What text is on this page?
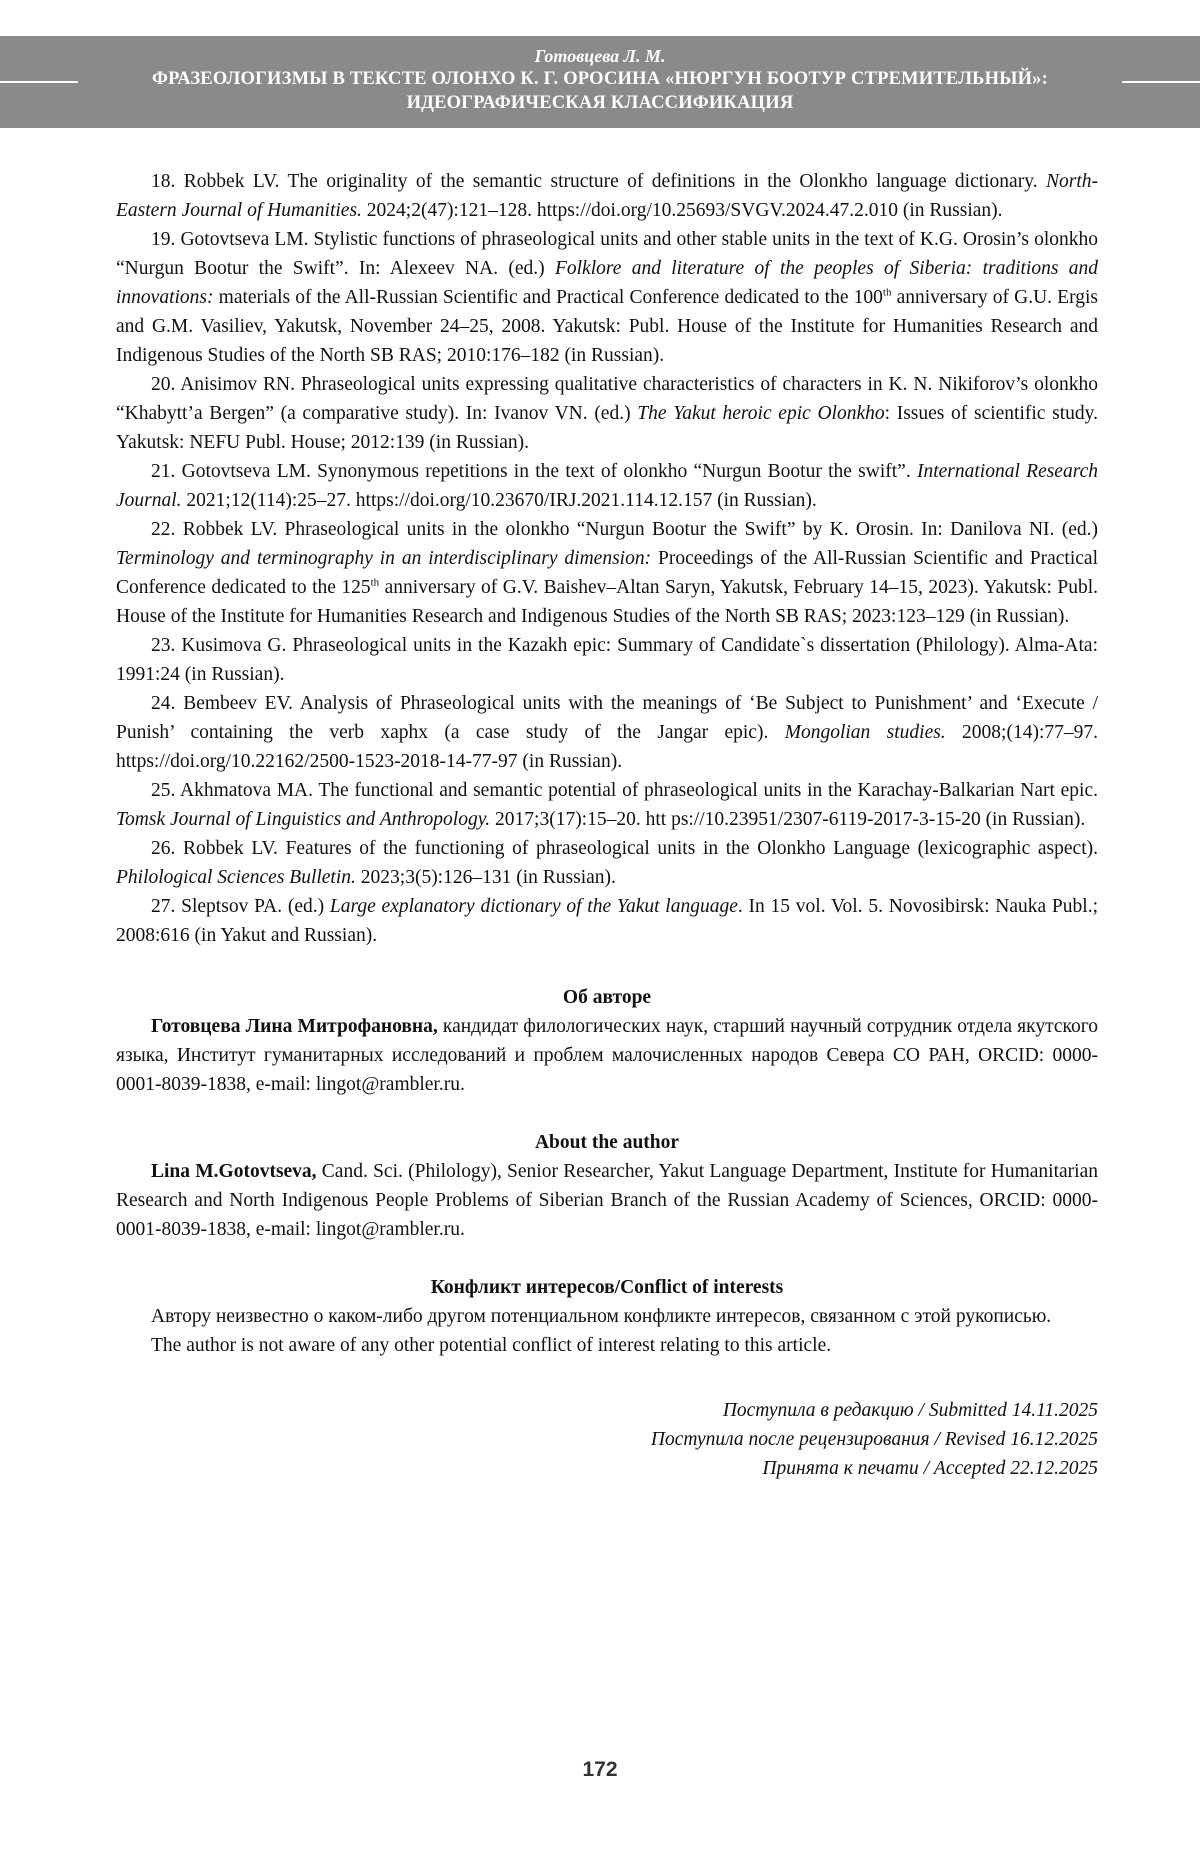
Готовцева Л. М.
ФРАЗЕОЛОГИЗМЫ В ТЕКСТЕ ОЛОНХО К. Г. ОРОСИНА «НЮРГУН БООТУР СТРЕМИТЕЛЬНЫЙ»:
ИДЕОГРАФИЧЕСКАЯ КЛАССИФИКАЦИЯ

18. Robbek LV. The originality of the semantic structure of definitions in the Olonkho language dictionary. North-Eastern Journal of Humanities. 2024;2(47):121–128. https://doi.org/10.25693/SVGV.2024.47.2.010 (in Russian).

19. Gotovtseva LM. Stylistic functions of phraseological units and other stable units in the text of K.G. Orosin’s olonkho “Nurgun Bootur the Swift”. In: Alexeev NA. (ed.) Folklore and literature of the peoples of Siberia: traditions and innovations: materials of the All-Russian Scientific and Practical Conference dedicated to the 100th anniversary of G.U. Ergis and G.M. Vasiliev, Yakutsk, November 24–25, 2008. Yakutsk: Publ. House of the Institute for Humanities Research and Indigenous Studies of the North SB RAS; 2010:176–182 (in Russian).

20. Anisimov RN. Phraseological units expressing qualitative characteristics of characters in K. N. Nikiforov’s olonkho “Khabytt’a Bergen” (a comparative study). In: Ivanov VN. (ed.) The Yakut heroic epic Olonkho: Issues of scientific study. Yakutsk: NEFU Publ. House; 2012:139 (in Russian).

21. Gotovtseva LM. Synonymous repetitions in the text of olonkho “Nurgun Bootur the swift”. International Research Journal. 2021;12(114):25–27. https://doi.org/10.23670/IRJ.2021.114.12.157 (in Russian).

22. Robbek LV. Phraseological units in the olonkho “Nurgun Bootur the Swift” by K. Orosin. In: Danilova NI. (ed.) Terminology and terminography in an interdisciplinary dimension: Proceedings of the All-Russian Scientific and Practical Conference dedicated to the 125th anniversary of G.V. Baishev–Altan Saryn, Yakutsk, February 14–15, 2023). Yakutsk: Publ. House of the Institute for Humanities Research and Indigenous Studies of the North SB RAS; 2023:123–129 (in Russian).

23. Kusimova G. Phraseological units in the Kazakh epic: Summary of Candidate`s dissertation (Philology). Alma-Ata: 1991:24 (in Russian).

24. Bembeev EV. Analysis of Phraseological units with the meanings of ‘Be Subject to Punishment’ and ‘Execute / Punish’ containing the verb xaphx (a case study of the Jangar epic). Mongolian studies. 2008;(14):77–97. https://doi.org/10.22162/2500-1523-2018-14-77-97 (in Russian).

25. Akhmatova MA. The functional and semantic potential of phraseological units in the Karachay-Balkarian Nart epic. Tomsk Journal of Linguistics and Anthropology. 2017;3(17):15–20. htt ps://10.23951/2307-6119-2017-3-15-20 (in Russian).

26. Robbek LV. Features of the functioning of phraseological units in the Olonkho Language (lexicographic aspect). Philological Sciences Bulletin. 2023;3(5):126–131 (in Russian).

27. Sleptsov PA. (ed.) Large explanatory dictionary of the Yakut language. In 15 vol. Vol. 5. Novosibirsk: Nauka Publ.; 2008:616 (in Yakut and Russian).

Об авторе

Готовцева Лина Митрофановна, кандидат филологических наук, старший научный сотрудник отдела якутского языка, Институт гуманитарных исследований и проблем малочисленных народов Севера СО РАН, ORCID: 0000-0001-8039-1838, e-mail: lingot@rambler.ru.

About the author

Lina M.Gotovtseva, Cand. Sci. (Philology), Senior Researcher, Yakut Language Department, Institute for Humanitarian Research and North Indigenous People Problems of Siberian Branch of the Russian Academy of Sciences, ORCID: 0000-0001-8039-1838, e-mail: lingot@rambler.ru.

Конфликт интересов/Conflict of interests

Автору неизвестно о каком-либо другом потенциальном конфликте интересов, связанном с этой рукописью.

The author is not aware of any other potential conflict of interest relating to this article.

Поступила в редакцию / Submitted 14.11.2025

Поступила после рецензирования / Revised 16.12.2025

Принята к печати / Accepted 22.12.2025

172
